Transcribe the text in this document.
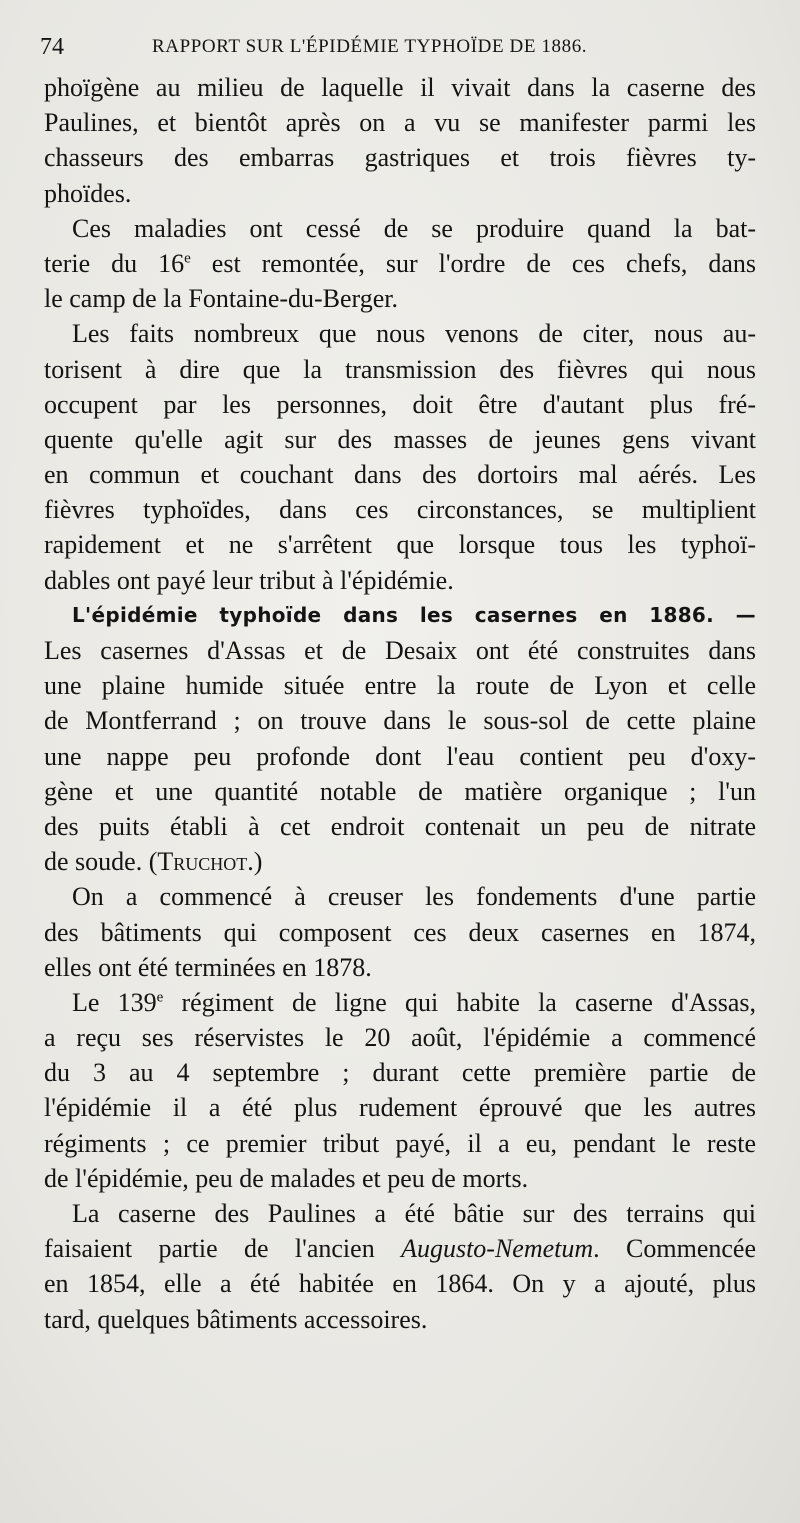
74	RAPPORT SUR L'ÉPIDÉMIE TYPHOÏDE DE 1886.
phoïgène au milieu de laquelle il vivait dans la caserne des
Paulines, et bientôt après on a vu se manifester parmi les
chasseurs des embarras gastriques et trois fièvres ty-
phoïdes.
Ces maladies ont cessé de se produire quand la bat-
terie du 16e est remontée, sur l'ordre de ces chefs, dans
le camp de la Fontaine-du-Berger.
Les faits nombreux que nous venons de citer, nous au-
torisent à dire que la transmission des fièvres qui nous
occupent par les personnes, doit être d'autant plus fré-
quente qu'elle agit sur des masses de jeunes gens vivant
en commun et couchant dans des dortoirs mal aérés. Les
fièvres typhoïdes, dans ces circonstances, se multiplient
rapidement et ne s'arrêtent que lorsque tous les typhoï-
dables ont payé leur tribut à l'épidémie.
L'épidémie typhoïde dans les casernes en 1886. —
Les casernes d'Assas et de Desaix ont été construites dans
une plaine humide située entre la route de Lyon et celle
de Montferrand ; on trouve dans le sous-sol de cette plaine
une nappe peu profonde dont l'eau contient peu d'oxy-
gène et une quantité notable de matière organique ; l'un
des puits établi à cet endroit contenait un peu de nitrate
de soude. (Truchot.)
On a commencé à creuser les fondements d'une partie
des bâtiments qui composent ces deux casernes en 1874,
elles ont été terminées en 1878.
Le 139e régiment de ligne qui habite la caserne d'Assas,
a reçu ses réservistes le 20 août, l'épidémie a commencé
du 3 au 4 septembre ; durant cette première partie de
l'épidémie il a été plus rudement éprouvé que les autres
régiments ; ce premier tribut payé, il a eu, pendant le reste
de l'épidémie, peu de malades et peu de morts.
La caserne des Paulines a été bâtie sur des terrains qui
faisaient partie de l'ancien Augusto-Nemetum. Commencée
en 1854, elle a été habitée en 1864. On y a ajouté, plus
tard, quelques bâtiments accessoires.
